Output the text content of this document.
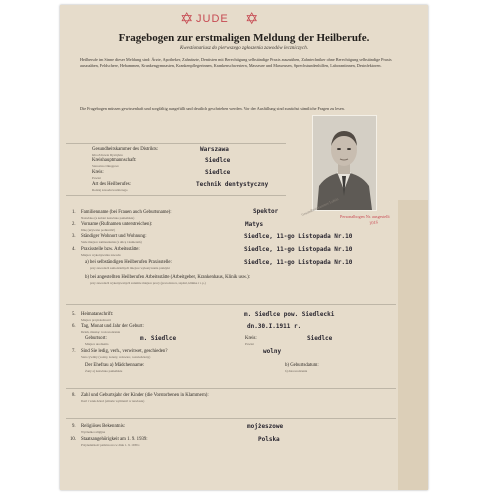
✡ JUDE ✡
Fragebogen zur erstmaligen Meldung der Heilberufe.
Kwestionariusz do pierwszego zgłoszenia zawodów leczniczych.
Heilberufe im Sinne dieser Meldung sind: Ärzte, Apotheker, Zahnärzte, Dentisten mit Berechtigung selbständige Praxis auszuüben, Zahntechniker ohne Berechtigung selbständige Praxis auszuüben, Feldschere, Hebammen, Krankengymnasten, Krankenpflegerinnen, Krankenschwestern, Masseure und Masseusen, Sprechstundenhilfen, Laborantinnen, Desinfektoren.
Die Fragebogen müssen gewissenhaft und sorgfältig ausgefüllt und deutlich geschrieben werden. Vor der Ausfüllung sind zunächst sämtliche Fragen zu lesen.
Gesundheitskammer des Distrikts:
Izba Zdrowia Dystryktu
Warszawa
Kreishauptmannschaft:
Starostwo Okręgowe
Siedlce
Kreis:
Powiat
Siedlce
Art des Heilberufes:
Rodzaj zawodu leczniczego
Technik dentystyczny
Gesundheitskammer Lublin Personalbogen Nr. ausgestellt
1016
1. Familienname (bei Frauen auch Geburtsname):
Nazwisko (u kobiet nazwisko panieńskie)
Spektor
2. Vorname (Rufnamen unterstreichen):
Imię (używane podkreślić)
Matys
3. Ständiger Wohnort und Wohnung:
Stałe miejsce zamieszkania (z ulicą i numerem)
Siedlce, 11-go Listopada Nr.10
4. Praxisstelle bzw. Arbeitsstätte:
Miejsce wykonywania zawodu
Siedlce, 11-go Listopada Nr.10
a) bei selbständigen Heilberufen Praxisstelle:
przy zawodach samodzielnych miejsce wykonywania praktyki
Siedlce, 11-go Listopada Nr.10
b) bei angestellten Heilberufen Arbeitsstätte (Arbeitgeber, Krankenhaus, Klinik usw.):
przy zawodach wykonywanych zależnie miejsce pracy (pracodawca, szpital, klinika i t. p.)
5. Heimatanschrift:
Miejsce przynależności
m. Siedlce pow. Siedlecki
6. Tag, Monat und Jahr der Geburt:
Dzień, miesiąc i rok urodzenia
dn.30.I.1911 r.
Geburtsort:
Miejsce urodzenia
m. Siedlce	Kreis:
Powiat
Siedlce
7. Sind Sie ledig, verh., verwitwet, geschieden?
Stan cywilny (wolny, żonaty, wdowiec, rozwiedziony)
wolny
Der Ehefrau a) Mädchenname:
Żony a) nazwisko panieńskie
b) Geburtsdatum:
b) data urodzenia
8. Zahl und Geburtsjahr der Kinder (die Vorstorbenen in Klammern):
Ilość i wiek dzieci (zmarłe wymienić w nawiasie)
9. Religiöses Bekenntnis:
Wyznanie religijne
mojżeszowe
10. Staatsangehörigkeit am 1. 9. 1939:
Przynależność państwowa w dniu 1. 9. 1939 r.
Polska
